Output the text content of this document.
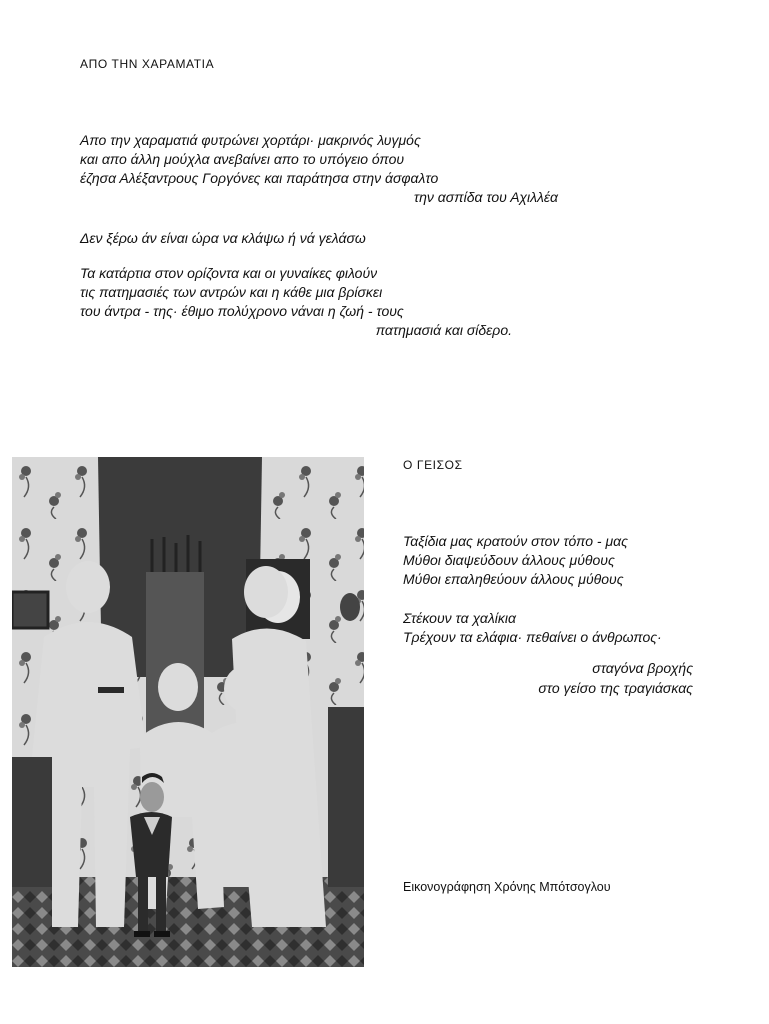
ΑΠΟ ΤΗΝ ΧΑΡΑΜΑΤΙΑ
Απο την χαραματιά φυτρώνει χορτάρι· μακρινός λυγμός
και απο άλλη μούχλα ανεβαίνει απο το υπόγειο όπου
έζησα Αλέξαντρους Γοργόνες και παράτησα στην άσφαλτο
την ασπίδα του Αχιλλέα
Δεν ξέρω άν είναι ώρα να κλάψω ή νά γελάσω
Τα κατάρτια στον ορίζοντα και οι γυναίκες φιλούν
τις πατημασιές των αντρών και η κάθε μια βρίσκει
του άντρα - της· έθιμο πολύχρονο νάναι η ζωή - τους
πατημασιά και σίδερο.
Ο ΓΕΙΣΟΣ
Ταξίδια μας κρατούν στον τόπο - μας
Μύθοι διαψεύδουν άλλους μύθους
Μύθοι επαληθεύουν άλλους μύθους
Στέκουν τα χαλίκια
Τρέχουν τα ελάφια· πεθαίνει ο άνθρωπος·
σταγόνα βροχής
στο γείσο της τραγιάσκας
Εικονογράφηση Χρόνης Μπότσογλου
